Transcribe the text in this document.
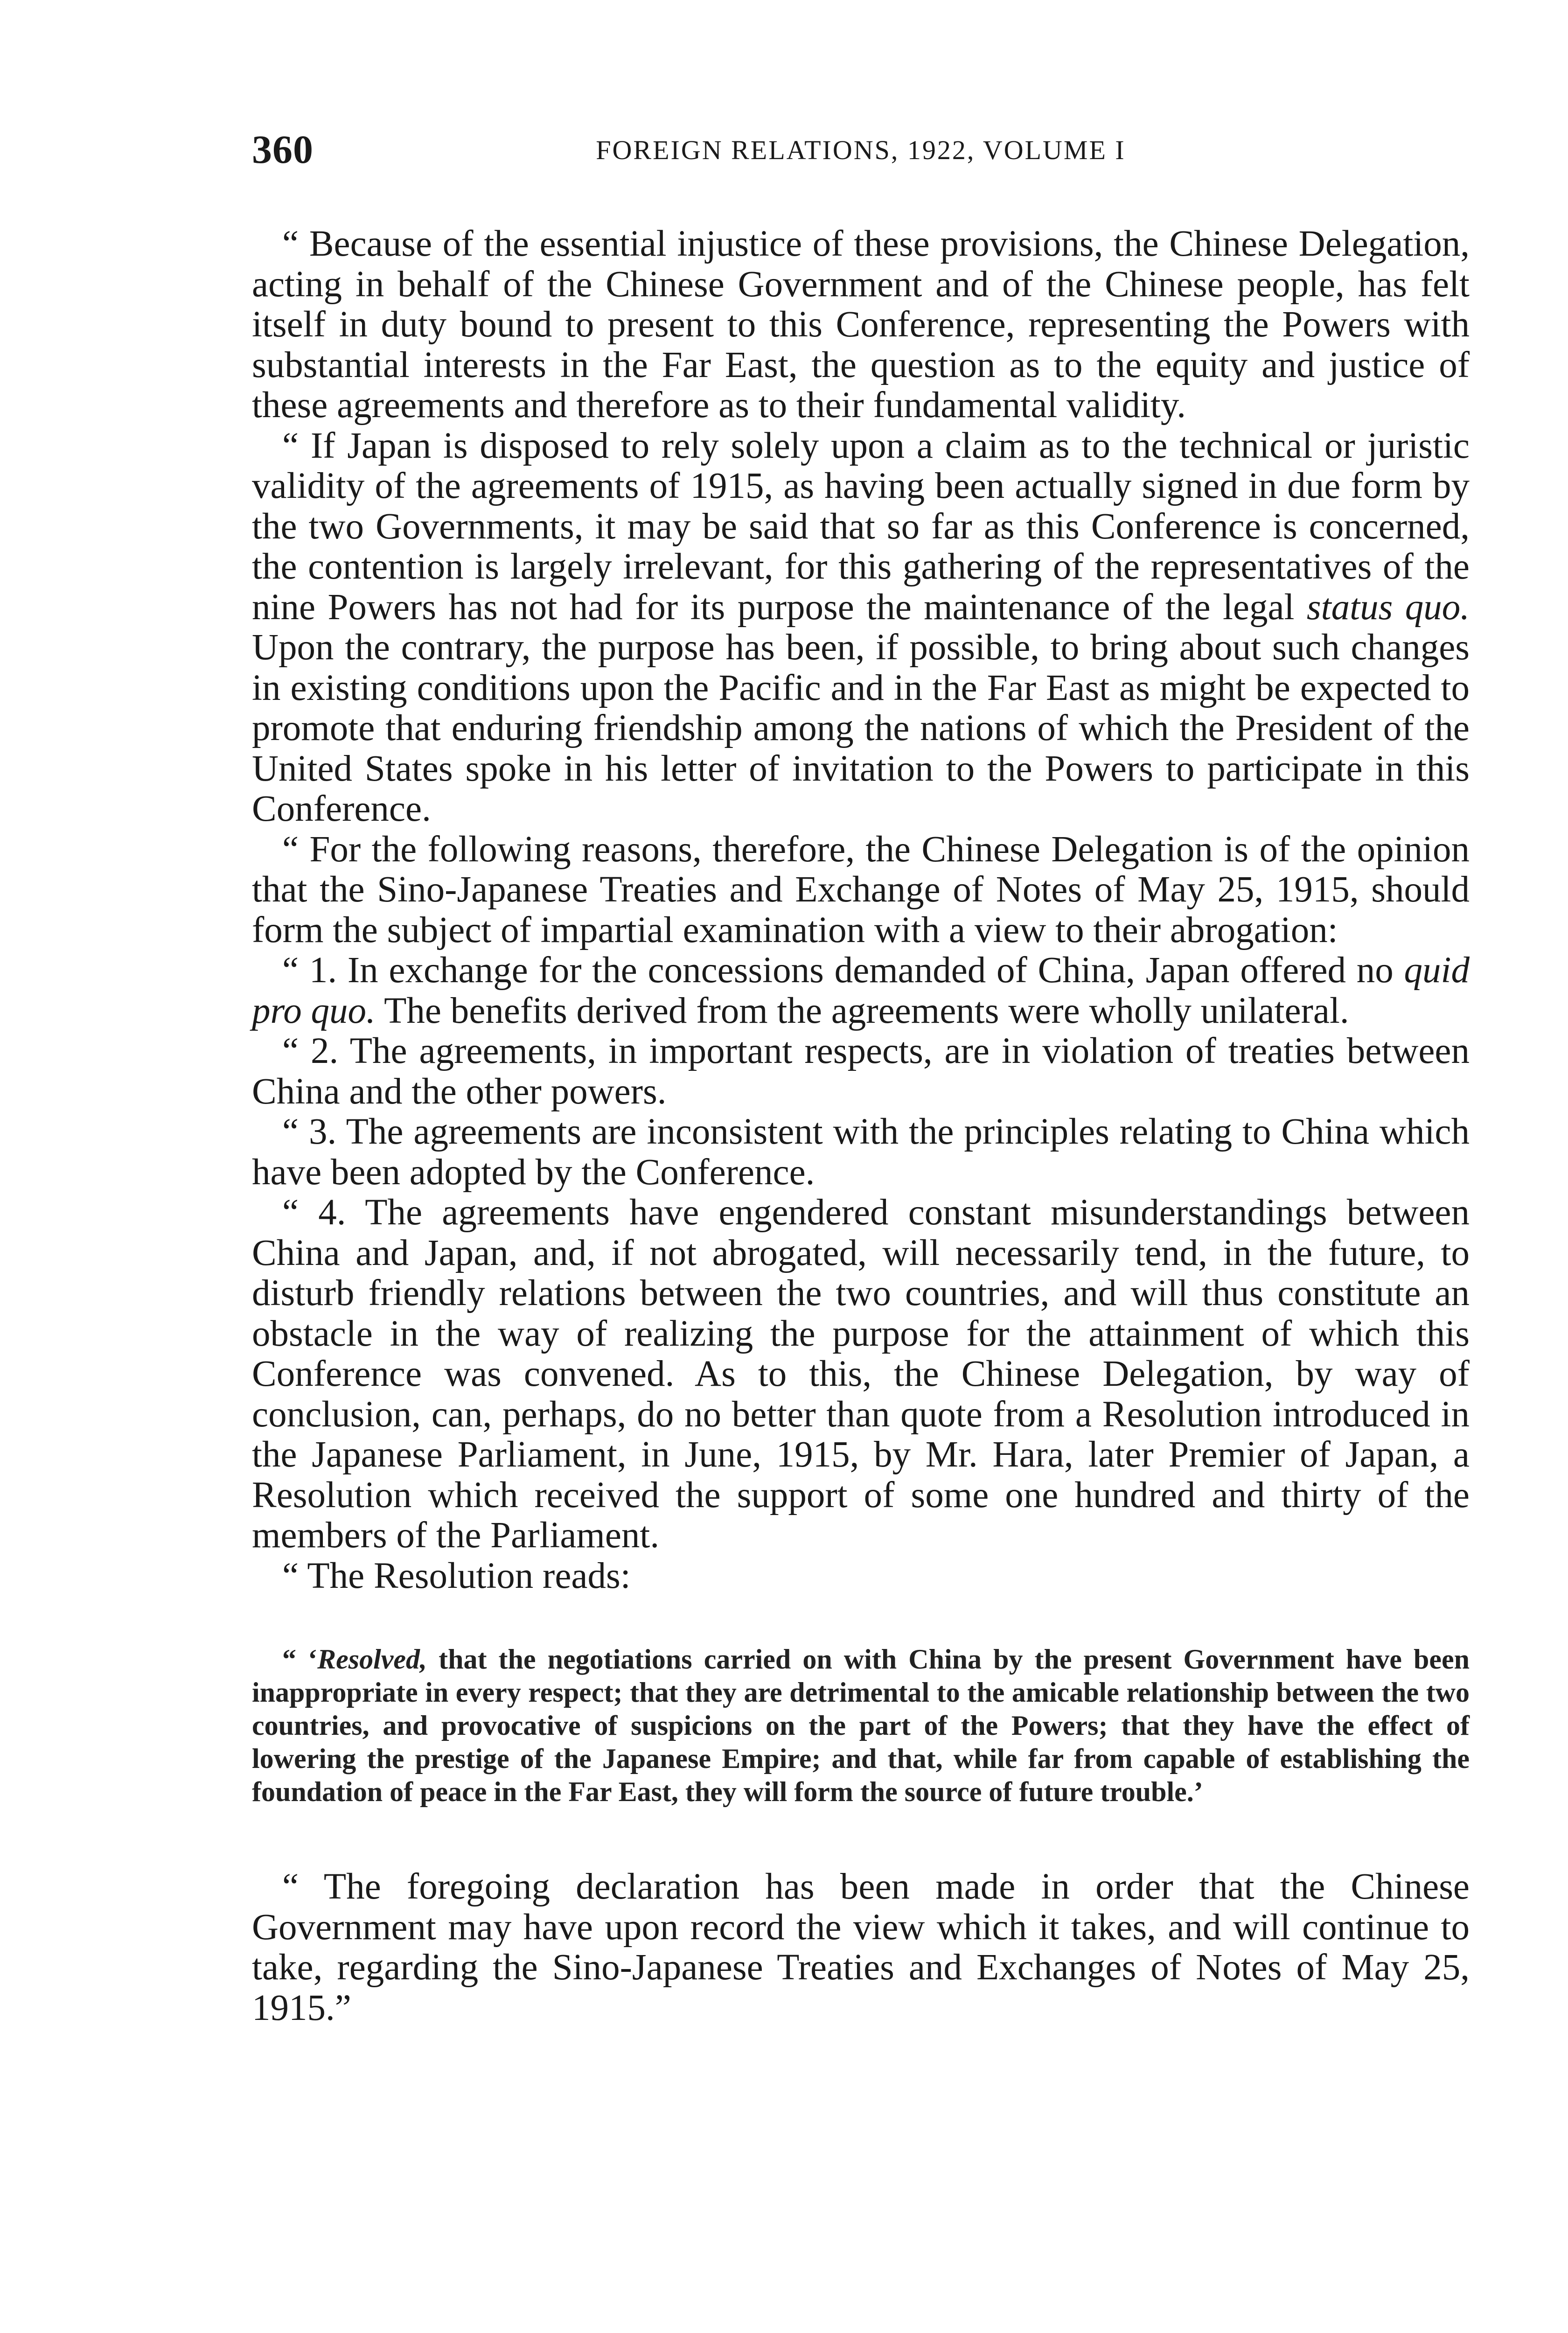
360	FOREIGN RELATIONS, 1922, VOLUME I

“ Because of the essential injustice of these provisions, the Chinese Delegation, acting in behalf of the Chinese Government and of the Chinese people, has felt itself in duty bound to present to this Conference, representing the Powers with substantial interests in the Far East, the question as to the equity and justice of these agreements and therefore as to their fundamental validity.

“ If Japan is disposed to rely solely upon a claim as to the technical or juristic validity of the agreements of 1915, as having been actually signed in due form by the two Governments, it may be said that so far as this Conference is concerned, the contention is largely irrelevant, for this gathering of the representatives of the nine Powers has not had for its purpose the maintenance of the legal status quo. Upon the contrary, the purpose has been, if possible, to bring about such changes in existing conditions upon the Pacific and in the Far East as might be expected to promote that enduring friendship among the nations of which the President of the United States spoke in his letter of invitation to the Powers to participate in this Conference.

“ For the following reasons, therefore, the Chinese Delegation is of the opinion that the Sino-Japanese Treaties and Exchange of Notes of May 25, 1915, should form the subject of impartial examination with a view to their abrogation:

“ 1. In exchange for the concessions demanded of China, Japan offered no quid pro quo. The benefits derived from the agreements were wholly unilateral.

“ 2. The agreements, in important respects, are in violation of treaties between China and the other powers.

“ 3. The agreements are inconsistent with the principles relating to China which have been adopted by the Conference.

“ 4. The agreements have engendered constant misunderstandings between China and Japan, and, if not abrogated, will necessarily tend, in the future, to disturb friendly relations between the two countries, and will thus constitute an obstacle in the way of realizing the purpose for the attainment of which this Conference was convened. As to this, the Chinese Delegation, by way of conclusion, can, perhaps, do no better than quote from a Resolution introduced in the Japanese Parliament, in June, 1915, by Mr. Hara, later Premier of Japan, a Resolution which received the support of some one hundred and thirty of the members of the Parliament.

“ The Resolution reads:

“ ‘Resolved, that the negotiations carried on with China by the present Government have been inappropriate in every respect; that they are detrimental to the amicable relationship between the two countries, and provocative of suspicions on the part of the Powers; that they have the effect of lowering the prestige of the Japanese Empire; and that, while far from capable of establishing the foundation of peace in the Far East, they will form the source of future trouble.’

“ The foregoing declaration has been made in order that the Chinese Government may have upon record the view which it takes, and will continue to take, regarding the Sino-Japanese Treaties and Exchanges of Notes of May 25, 1915.”
